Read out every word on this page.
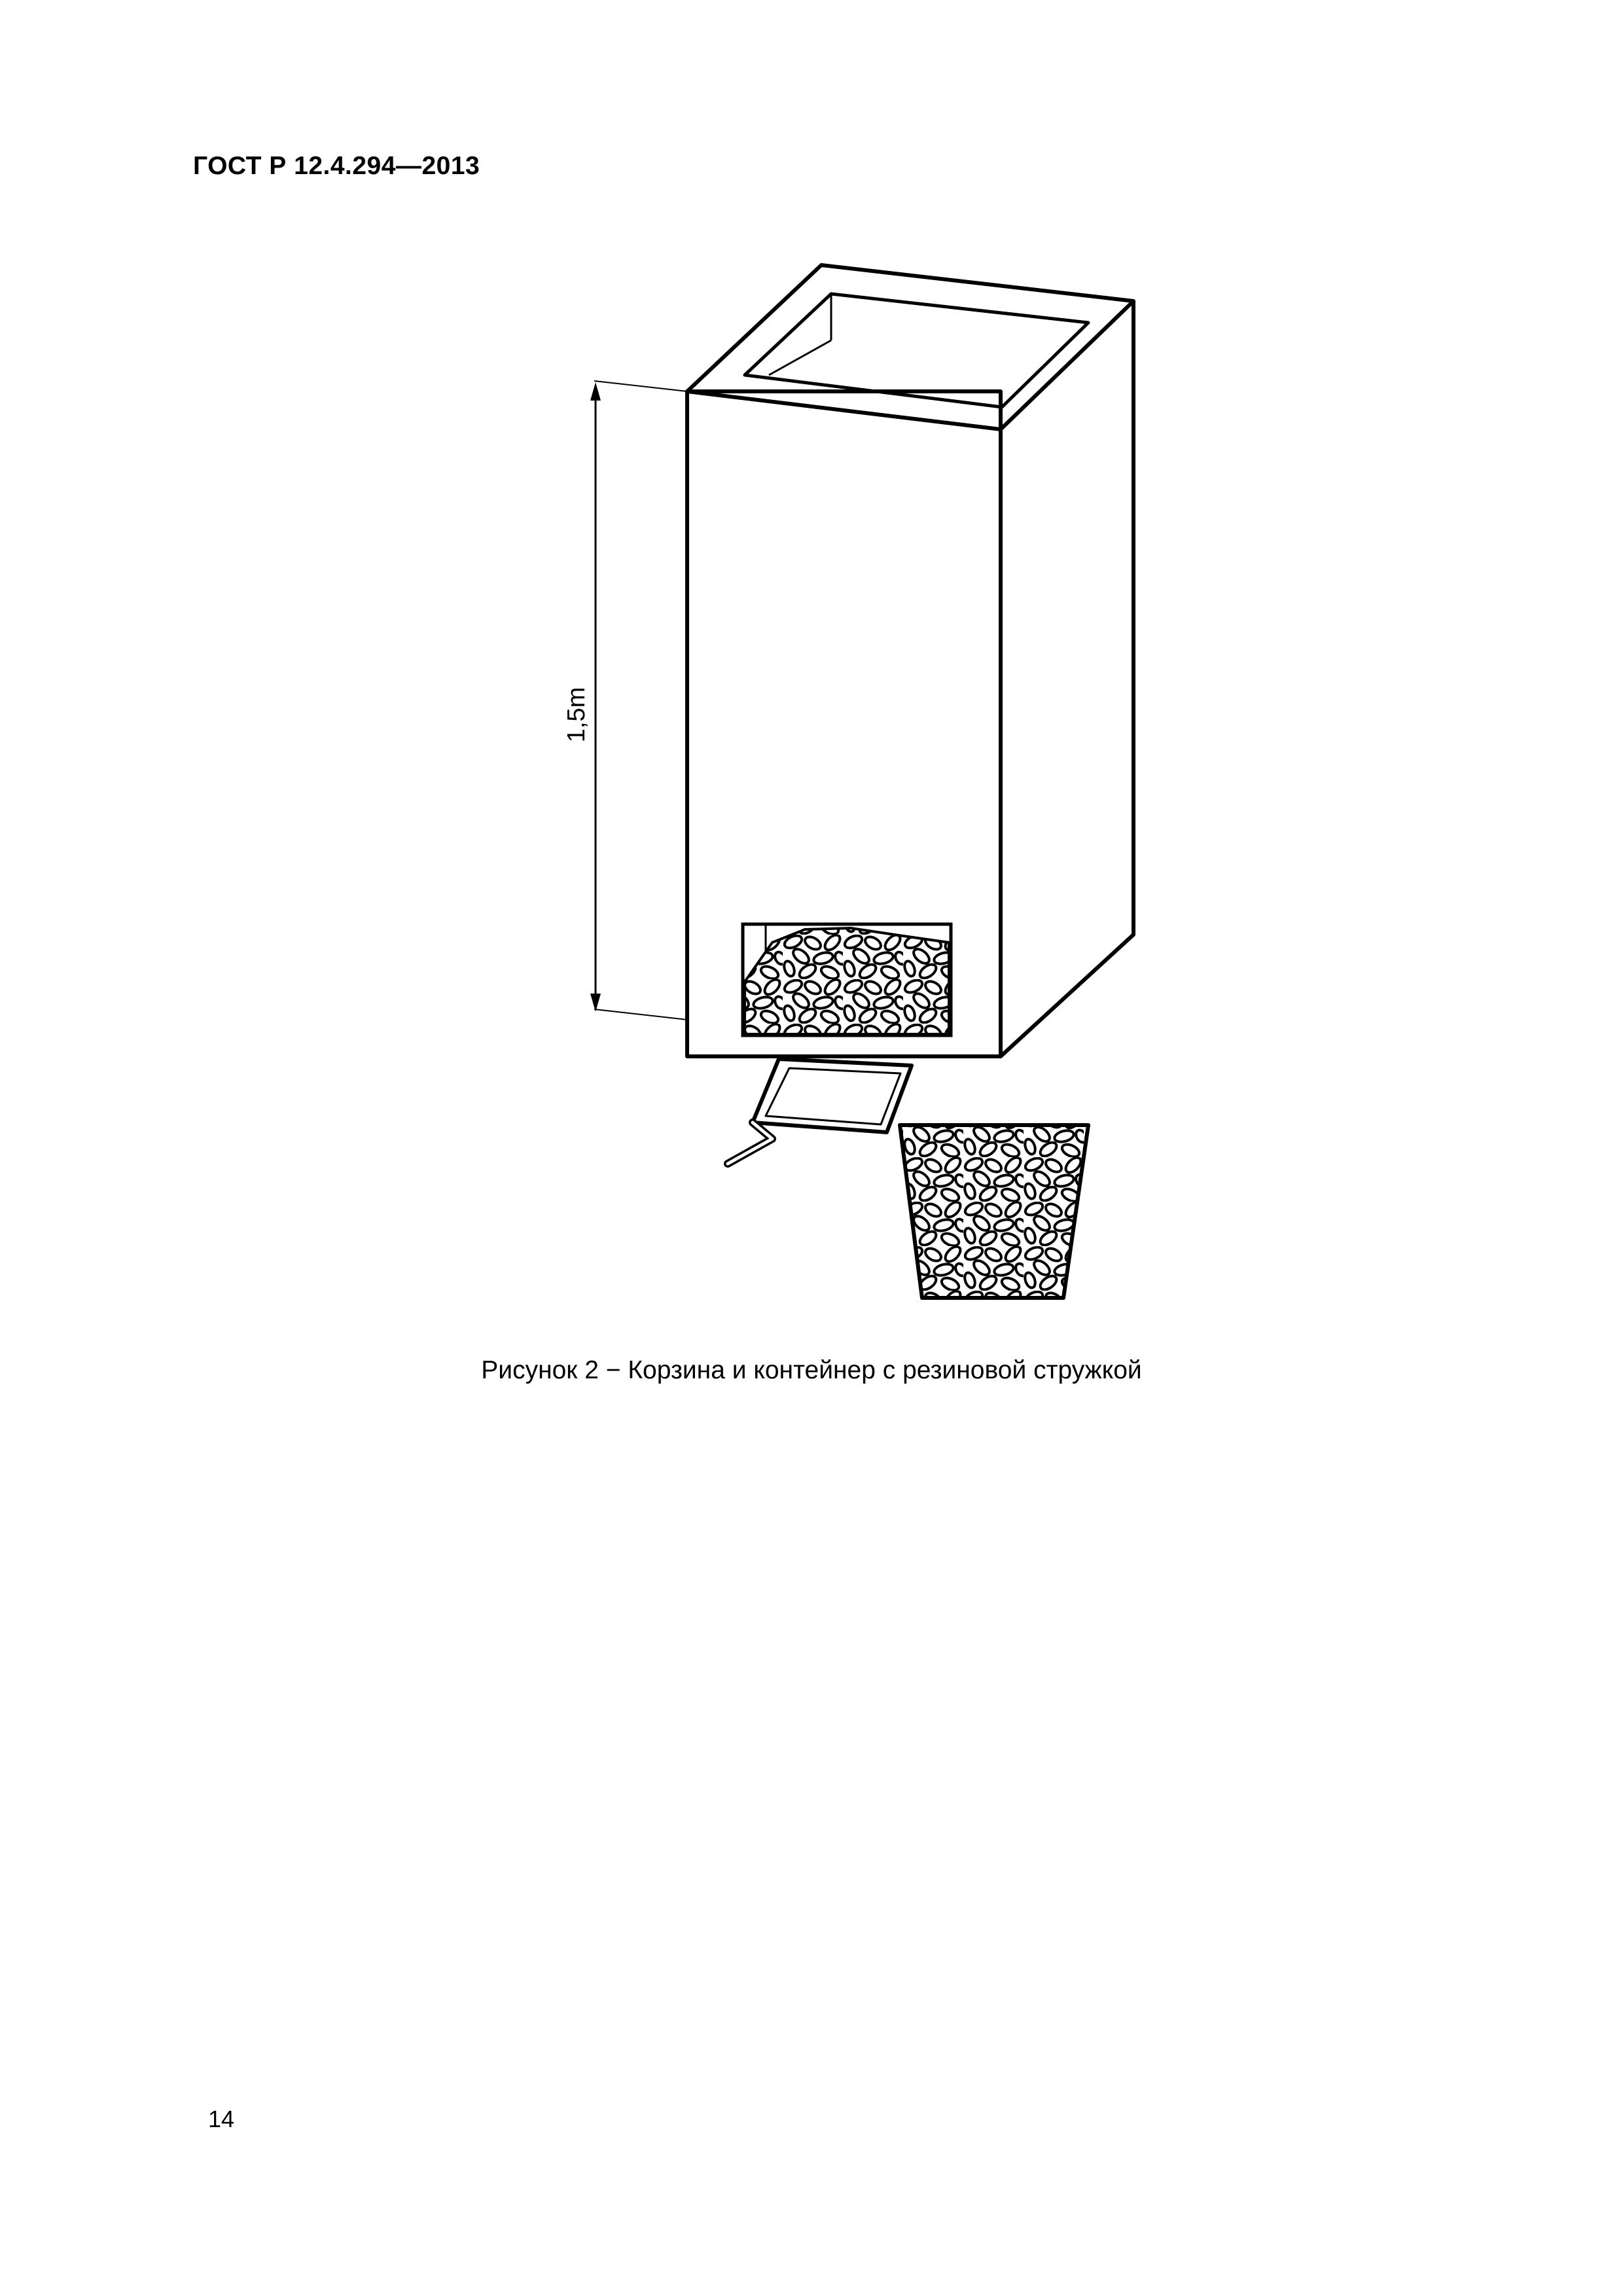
ГОСТ Р 12.4.294—2013
1,5m
Рисунок 2 − Корзина и контейнер с резиновой стружкой
14
